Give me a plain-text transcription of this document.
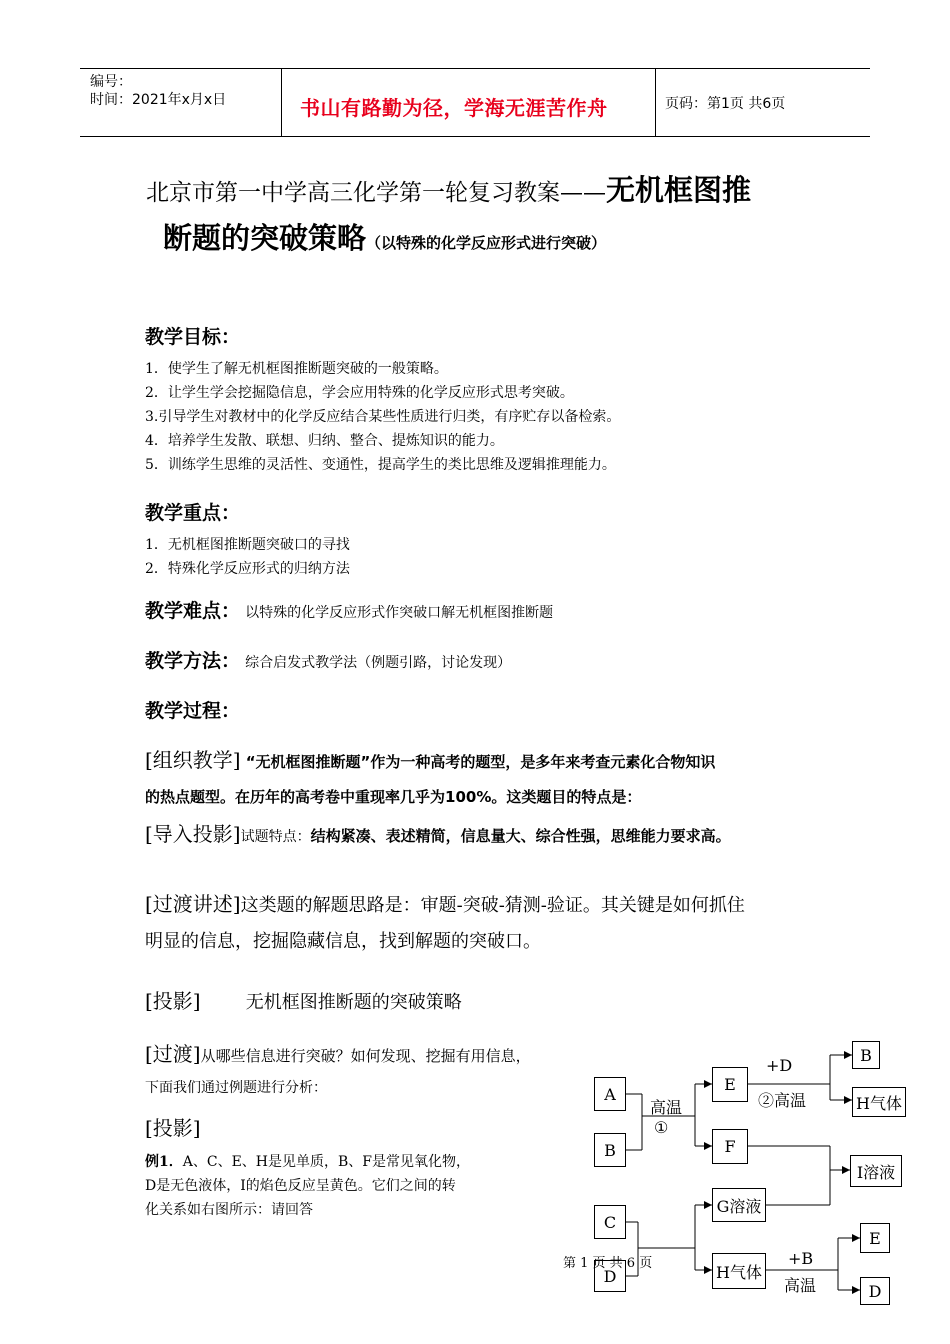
编号：
时间：2021年x月x日	书山有路勤为径，学海无涯苦作舟	页码：第1页 共6页
北京市第一中学高三化学第一轮复习教案——无机框图推
断题的突破策略（以特殊的化学反应形式进行突破）
教学目标：
1．使学生了解无机框图推断题突破的一般策略。
2．让学生学会挖掘隐信息，学会应用特殊的化学反应形式思考突破。
3.引导学生对教材中的化学反应结合某些性质进行归类，有序贮存以备检索。
4．培养学生发散、联想、归纳、整合、提炼知识的能力。
5．训练学生思维的灵活性、变通性，提高学生的类比思维及逻辑推理能力。
教学重点：
1．无机框图推断题突破口的寻找
2．特殊化学反应形式的归纳方法
教学难点： 以特殊的化学反应形式作突破口解无机框图推断题
教学方法： 综合启发式教学法（例题引路，讨论发现）
教学过程：
[组织教学] “无机框图推断题”作为一种高考的题型，是多年来考查元素化合物知识
的热点题型。在历年的高考卷中重现率几乎为100%。这类题目的特点是：
[导入投影]试题特点：结构紧凑、表述精简，信息量大、综合性强，思维能力要求高。
[过渡讲述]这类题的解题思路是：审题-突破-猜测-验证。其关键是如何抓住
明显的信息，挖掘隐藏信息，找到解题的突破口。
[投影]	无机框图推断题的突破策略
[过渡]从哪些信息进行突破？如何发现、挖掘有用信息，
下面我们通过例题进行分析：
[投影]
例1．A、C、E、H是见单质，B、F是常见氧化物，
D是无色液体，I的焰色反应呈黄色。它们之间的转
化关系如右图所示：请回答
A
B
E
F
B
H气体
I溶液
C
D
G溶液
H气体
E
D
高温
①
+D
②高温
+B
高温
第 1 页 共 6 页
